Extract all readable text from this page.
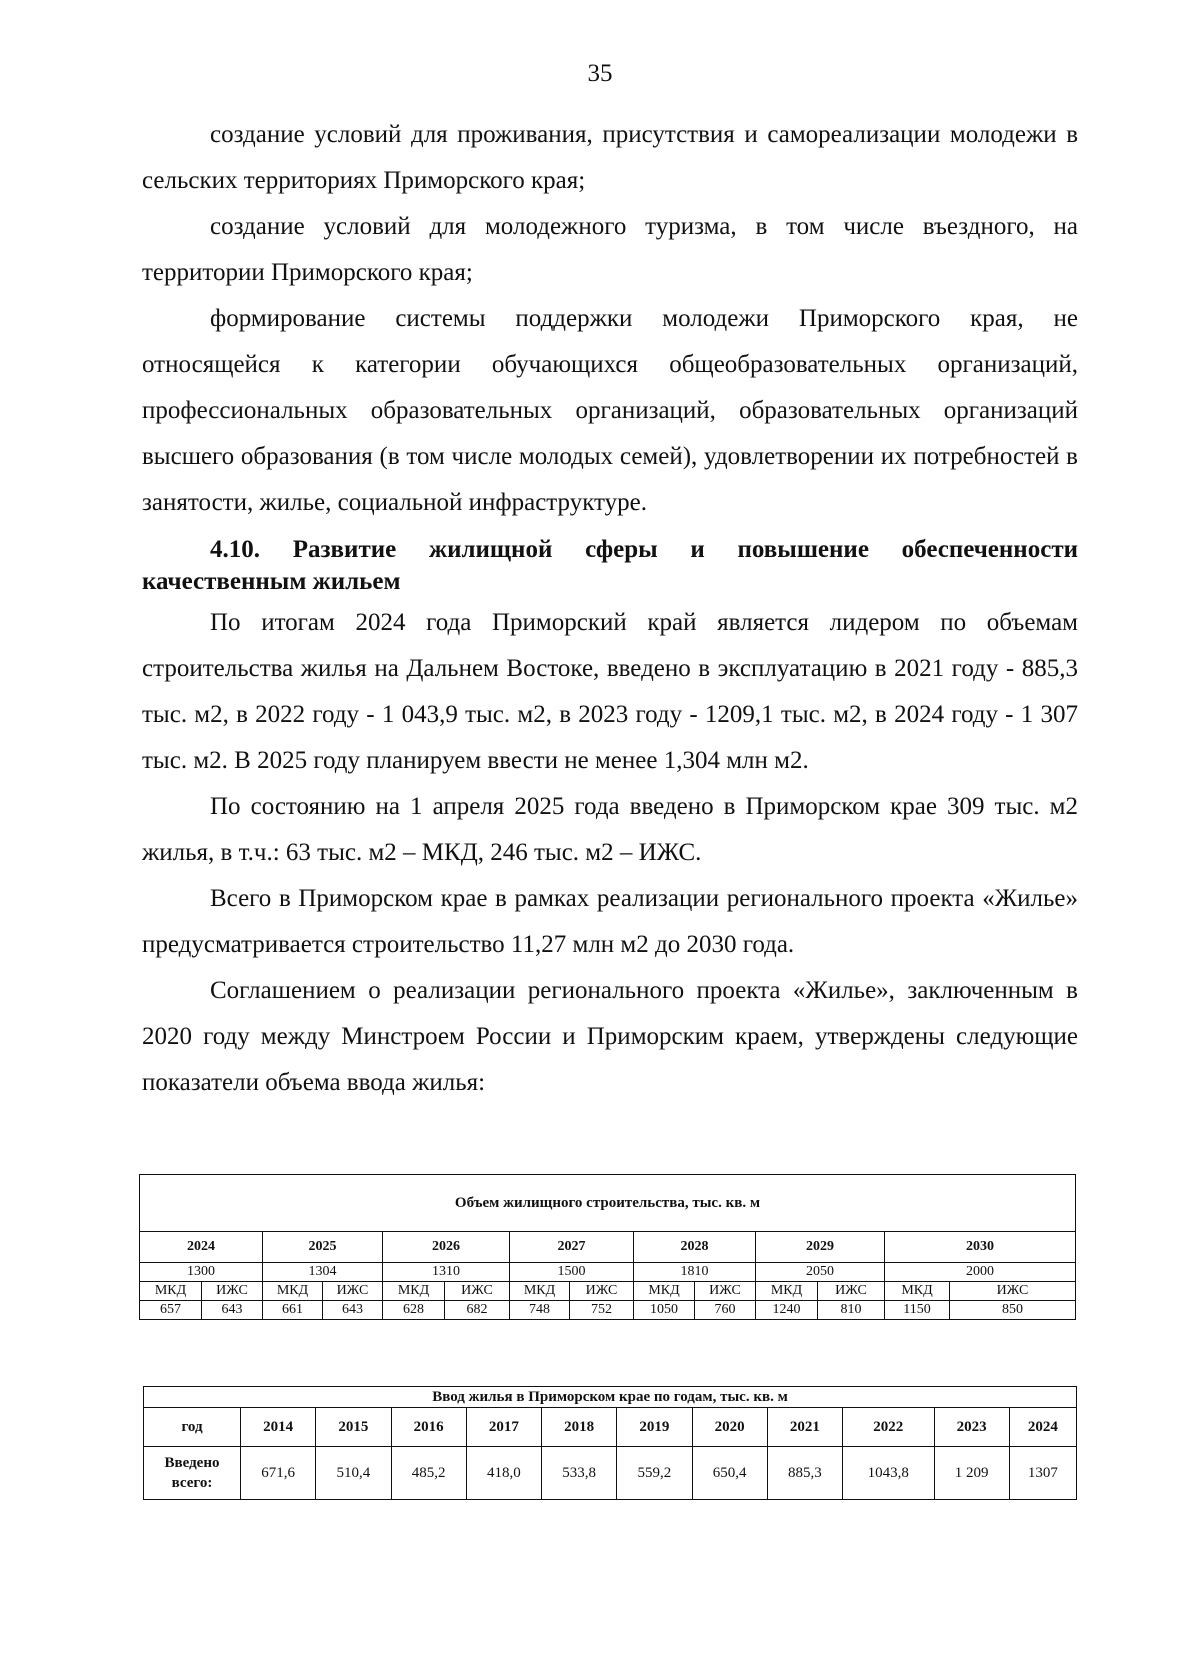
35

создание условий для проживания, присутствия и самореализации молодежи в сельских территориях Приморского края;

создание условий для молодежного туризма, в том числе въездного, на территории Приморского края;

формирование системы поддержки молодежи Приморского края, не относящейся к категории обучающихся общеобразовательных организаций, профессиональных образовательных организаций, образовательных организаций высшего образования (в том числе молодых семей), удовлетворении их потребностей в занятости, жилье, социальной инфраструктуре.

4.10. Развитие жилищной сферы и повышение обеспеченности качественным жильем

По итогам 2024 года Приморский край является лидером по объемам строительства жилья на Дальнем Востоке, введено в эксплуатацию в 2021 году - 885,3 тыс. м2, в 2022 году - 1 043,9 тыс. м2, в 2023 году - 1209,1 тыс. м2, в 2024 году - 1 307 тыс. м2. В 2025 году планируем ввести не менее 1,304 млн м2.

По состоянию на 1 апреля 2025 года введено в Приморском крае 309 тыс. м2 жилья, в т.ч.: 63 тыс. м2 – МКД, 246 тыс. м2 – ИЖС.

Всего в Приморском крае в рамках реализации регионального проекта «Жилье» предусматривается строительство 11,27 млн м2 до 2030 года.

Соглашением о реализации регионального проекта «Жилье», заключенным в 2020 году между Минстроем России и Приморским краем, утверждены следующие показатели объема ввода жилья:

Объем жилищного строительства, тыс. кв. м													
2024		2025		2026		2027		2028		2029		2030	
1300		1304		1310		1500		1810		2050		2000	
МКД	ИЖС	МКД	ИЖС	МКД	ИЖС	МКД	ИЖС	МКД	ИЖС	МКД	ИЖС	МКД	ИЖС
657	643	661	643	628	682	748	752	1050	760	1240	810	1150	850
Ввод жилья в Приморском крае по годам, тыс. кв. м											
год	2014	2015	2016	2017	2018	2019	2020	2021	2022	2023	2024
Введено
всего:	671,6	510,4	485,2	418,0	533,8	559,2	650,4	885,3	1043,8	1 209	1307
